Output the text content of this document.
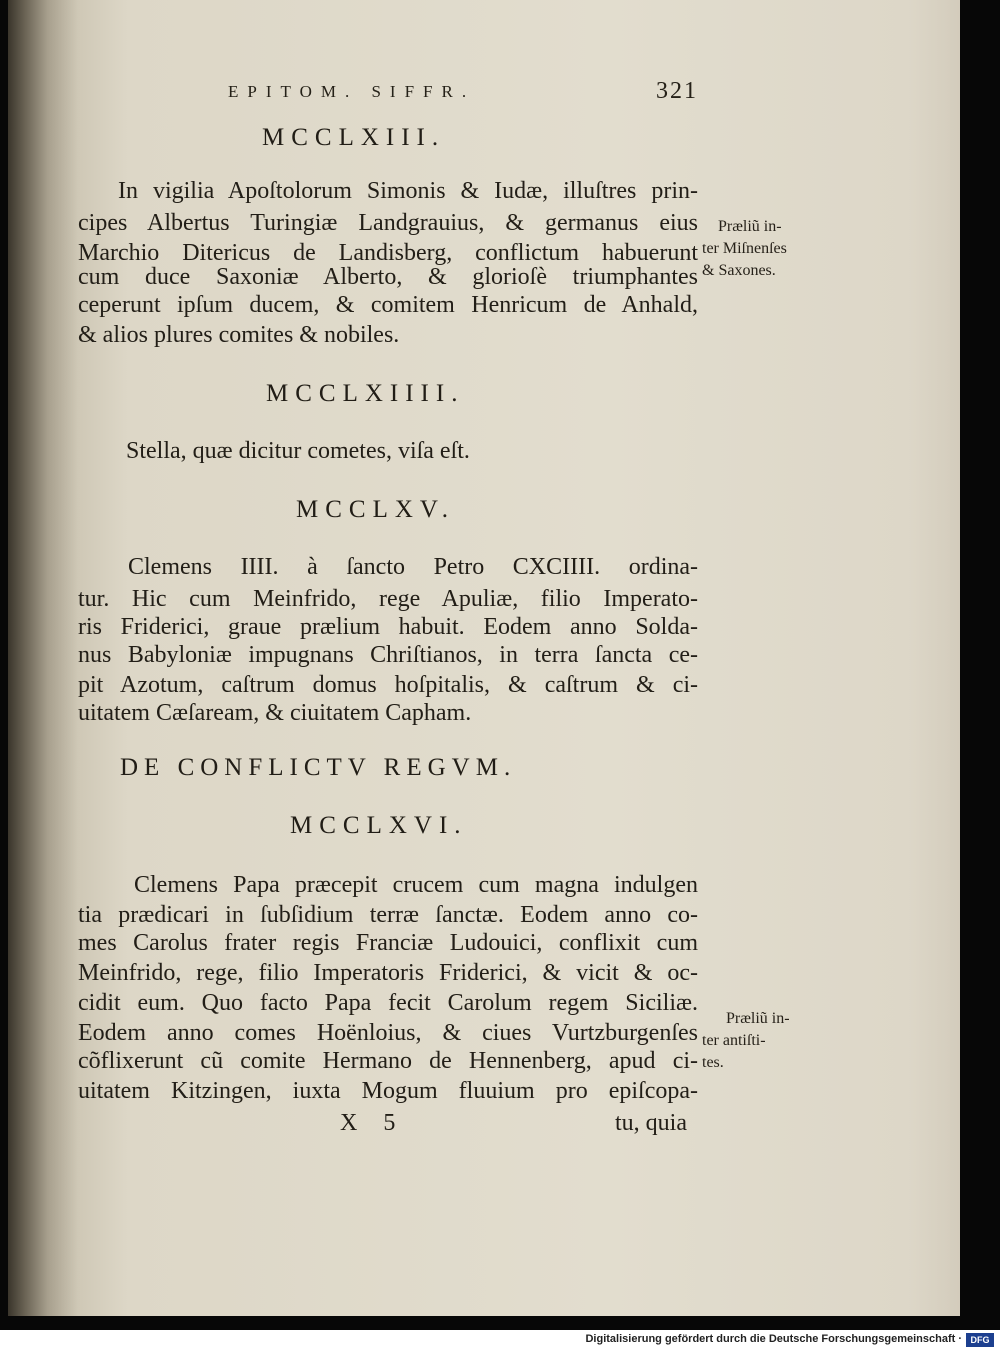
EPITOM. SIFFR.	321
MCCLXIII.
In vigilia Apoſtolorum Simonis & Iudæ, illuſtres prin-
cipes Albertus Turingiæ Landgrauius, & germanus eius
Marchio Ditericus de Landisberg, conflictum habuerunt
cum duce Saxoniæ Alberto, & glorioſè triumphantes
ceperunt ipſum ducem, & comitem Henricum de Anhald,
& alios plures comites & nobiles.
Præliũ in-
ter Miſnenſes
& Saxones.
MCCLXIIII.
Stella, quæ dicitur cometes, viſa eſt.
MCCLXV.
Clemens IIII. à ſancto Petro CXCIIII. ordina-
tur. Hic cum Meinfrido, rege Apuliæ, filio Imperato-
ris Friderici, graue prælium habuit. Eodem anno Solda-
nus Babyloniæ impugnans Chriſtianos, in terra ſancta ce-
pit Azotum, caſtrum domus hoſpitalis, & caſtrum & ci-
uitatem Cæſaream, & ciuitatem Capham.
DE CONFLICTV REGVM.
MCCLXVI.
Clemens Papa præcepit crucem cum magna indulgen
tia prædicari in ſubſidium terræ ſanctæ. Eodem anno co-
mes Carolus frater regis Franciæ Ludouici, conflixit cum
Meinfrido, rege, filio Imperatoris Friderici, & vicit & oc-
cidit eum. Quo facto Papa fecit Carolum regem Siciliæ.
Eodem anno comes Hoënloius, & ciues Vurtzburgenſes
cõflixerunt cũ comite Hermano de Hennenberg, apud ci-
uitatem Kitzingen, iuxta Mogum fluuium pro epiſcopa-
Præliũ in-
ter antiſti-
tes.
X 5	tu, quia
Digitalisierung gefördert durch die Deutsche Forschungsgemeinschaft · DFG
